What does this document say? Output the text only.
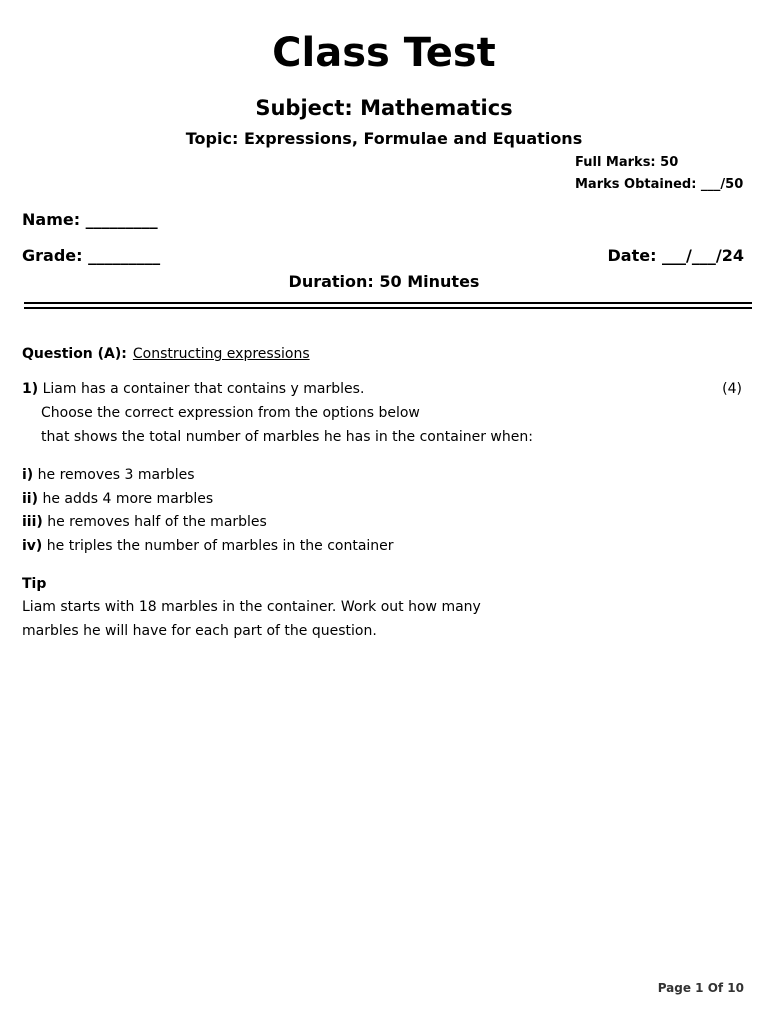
Class Test
Subject: Mathematics
Topic: Expressions, Formulae and Equations
Full Marks: 50
Marks Obtained: ___/50
Name: _________
Grade: _________	Date: ___/___/24
Duration: 50 Minutes
Question (A): Constructing expressions
1) Liam has a container that contains y marbles.	(4)
Choose the correct expression from the options below
that shows the total number of marbles he has in the container when:
i) he removes 3 marbles
ii) he adds 4 more marbles
iii) he removes half of the marbles
iv) he triples the number of marbles in the container
Tip
Liam starts with 18 marbles in the container. Work out how many
marbles he will have for each part of the question.
Page 1 Of 10
